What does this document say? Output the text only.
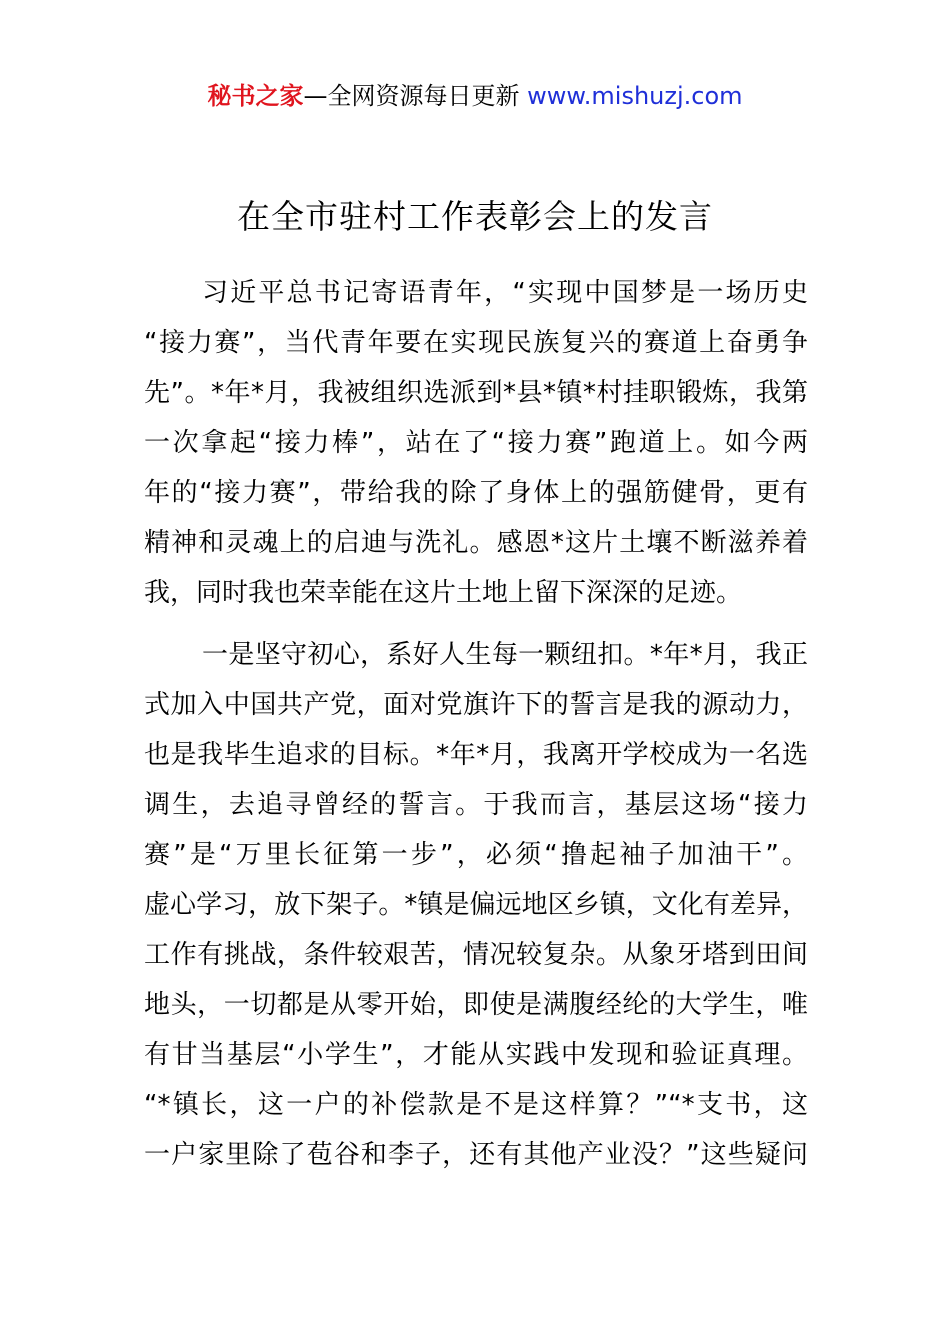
秘书之家—全网资源每日更新 www.mishuzj.com
在全市驻村工作表彰会上的发言
习近平总书记寄语青年，“实现中国梦是一场历史
“接力赛”，当代青年要在实现民族复兴的赛道上奋勇争
先”。*年*月，我被组织选派到*县*镇*村挂职锻炼，我第
一次拿起“接力棒”，站在了“接力赛”跑道上。如今两
年的“接力赛”，带给我的除了身体上的强筋健骨，更有
精神和灵魂上的启迪与洗礼。感恩*这片土壤不断滋养着
我，同时我也荣幸能在这片土地上留下深深的足迹。
一是坚守初心，系好人生每一颗纽扣。*年*月，我正
式加入中国共产党，面对党旗许下的誓言是我的源动力，
也是我毕生追求的目标。*年*月，我离开学校成为一名选
调生，去追寻曾经的誓言。于我而言，基层这场“接力
赛”是“万里长征第一步”，必须“撸起袖子加油干”。
虚心学习，放下架子。*镇是偏远地区乡镇，文化有差异，
工作有挑战，条件较艰苦，情况较复杂。从象牙塔到田间
地头，一切都是从零开始，即使是满腹经纶的大学生，唯
有甘当基层“小学生”，才能从实践中发现和验证真理。
“*镇长，这一户的补偿款是不是这样算？”“*支书，这
一户家里除了苞谷和李子，还有其他产业没？”这些疑问
